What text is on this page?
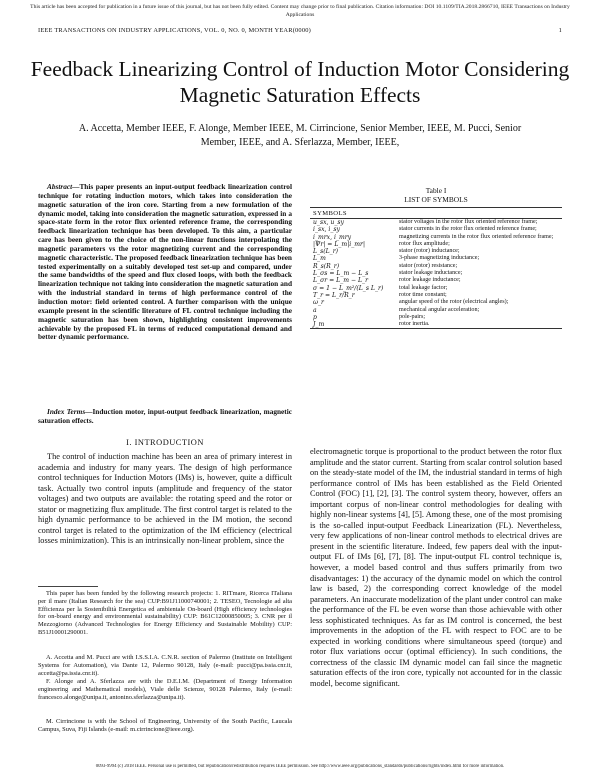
This article has been accepted for publication in a future issue of this journal, but has not been fully edited. Content may change prior to final publication. Citation information: DOI 10.1109/TIA.2018.2866710, IEEE Transactions on Industry Applications
IEEE TRANSACTIONS ON INDUSTRY APPLICATIONS, VOL. 0, NO. 0, MONTH YEAR(0000)	1
Feedback Linearizing Control of Induction Motor Considering Magnetic Saturation Effects
A. Accetta, Member IEEE, F. Alonge, Member IEEE, M. Cirrincione, Senior Member, IEEE, M. Pucci, Senior Member, IEEE, and A. Sferlazza, Member, IEEE,
Abstract—This paper presents an input-output feedback linearization control technique for rotating induction motors, which takes into consideration the magnetic saturation of the iron core. Starting from a new formulation of the dynamic model, taking into consideration the magnetic saturation, expressed in a space-state form in the rotor flux oriented reference frame, the corresponding feedback linearization technique has been developed. To this aim, a particular care has been given to the choice of the non-linear functions interpolating the magnetic parameters vs the rotor magnetizing current and the corresponding magnetic characteristic. The proposed feedback linearization technique has been tested experimentally on a suitably developed test set-up and compared, under the same bandwidths of the speed and flux closed loops, with both the feedback linearization technique not taking into consideration the magnetic saturation and with the industrial standard in terms of high performance control of the induction motor: field oriented control. A further comparison with the unique example present in the scientific literature of FL control technique including the magnetic saturation has been shown, highlighting consistent improvements achievable by the proposed FL in terms of reduced computational demand and better dynamic performance.
Index Terms—Induction motor, input-output feedback linearization, magnetic saturation effects.
I. INTRODUCTION
The control of induction machine has been an area of primary interest in academia and industry for many years. The design of high performance control techniques for Induction Motors (IMs) is, however, quite a difficult task. Actually two control inputs (amplitude and frequency of the stator voltages) and two outputs are available: the rotating speed and the rotor or stator or magnetizing flux amplitude. The first control target is related to the high dynamic performance to be achieved in the IM motion, the second control target is related to the optimization of the IM efficiency (electrical losses minimization). This is an intrinsically non-linear problem, since the
This paper has been funded by the following research projects: 1. RITmare, Ricerca ITaliana per il mare (Italian Research for the sea) CUP:B91J11000740001; 2. TESEO, Tecnologie ad alta Efficienza per la Sostenibilità Energetica ed ambientale On-board (High efficiency technologies for on-board energy and environmental sustainability) CUP: B61C12000850005; 3. CNR per il Mezzogiorno (Advanced Technologies for Energy Efficiency and Sustainable Mobility) CUP: B51J10001290001.
A. Accetta and M. Pucci are with I.S.S.I.A. C.N.R. section of Palermo (Institute on Intelligent Systems for Automation), via Dante 12, Palermo 90128, Italy (e-mail: pucci@pa.issia.cnr.it, accetta@pa.issia.cnr.it).
F. Alonge and A. Sferlazza are with the D.E.I.M. (Department of Energy Information engineering and Mathematical models), Viale delle Scienze, 90128 Palermo, Italy (e-mail: francesco.alonge@unipa.it, antonino.sferlazza@unipa.it).
M. Cirrincione is with the School of Engineering, University of the South Pacific, Laucala Campus, Suva, Fiji Islands (e-mail: m.cirrincione@ieee.org).
Table I
LIST OF SYMBOLS
SYMBOLS
u_sx, u_sy	stator voltages in the rotor flux oriented reference frame;
i_sx, i_sy	stator currents in the rotor flux oriented reference frame;
i_mrx, i_mry	magnetizing currents in the rotor flux oriented reference frame;
|Ψr| = L_m|i_mr|	rotor flux amplitude;
L_s(L_r)	stator (rotor) inductance;
L_m	3-phase magnetizing inductance;
R_s(R_r)	stator (rotor) resistance;
L_σs = L_m − L_s	stator leakage inductance;
L_σr = L_m − L_r	rotor leakage inductance;
σ = 1 − L_m²/(L_s L_r)	total leakage factor;
T_r = L_r/R_r	rotor time constant;
ω_r	angular speed of the rotor (electrical angles);
a	mechanical angular acceleration;
p	pole-pairs;
J_m	rotor inertia.
electromagnetic torque is proportional to the product between the rotor flux amplitude and the stator current. Starting from scalar control solution based on the steady-state model of the IM, the industrial standard in terms of high performance control of IMs has been established as the Field Oriented Control (FOC) [1], [2], [3]. The control system theory, however, offers an important corpus of non-linear control methodologies for dealing with highly non-linear systems [4], [5]. Among these, one of the most promising is the so-called input-output Feedback Linearization (FL). Nevertheless, very few applications of non-linear control methods to electrical drives are present in the scientific literature. Indeed, few papers deal with the input-output FL of IMs [6], [7], [8]. The input-output FL control technique is, however, a model based control and thus suffers primarily from two disadvantages: 1) the accuracy of the dynamic model on which the control law is based, 2) the corresponding correct knowledge of the model parameters. An inaccurate modelization of the plant under control can make the performance of the FL be even worse than those achievable with other less sophisticated techniques. As far as IM control is concerned, the best improvements in the adoption of the FL with respect to FOC are to be expected in working conditions where simultaneous speed (torque) and rotor flux variations occur (optimal efficiency). In such conditions, the correctness of the classic IM dynamic model can fail since the magnetic saturation effects of the iron core, typically not accounted for in the classic model, become significant.
0093-9994 (c) 2018 IEEE. Personal use is permitted, but republication/redistribution requires IEEE permission. See http://www.ieee.org/publications_standards/publications/rights/index.html for more information.
